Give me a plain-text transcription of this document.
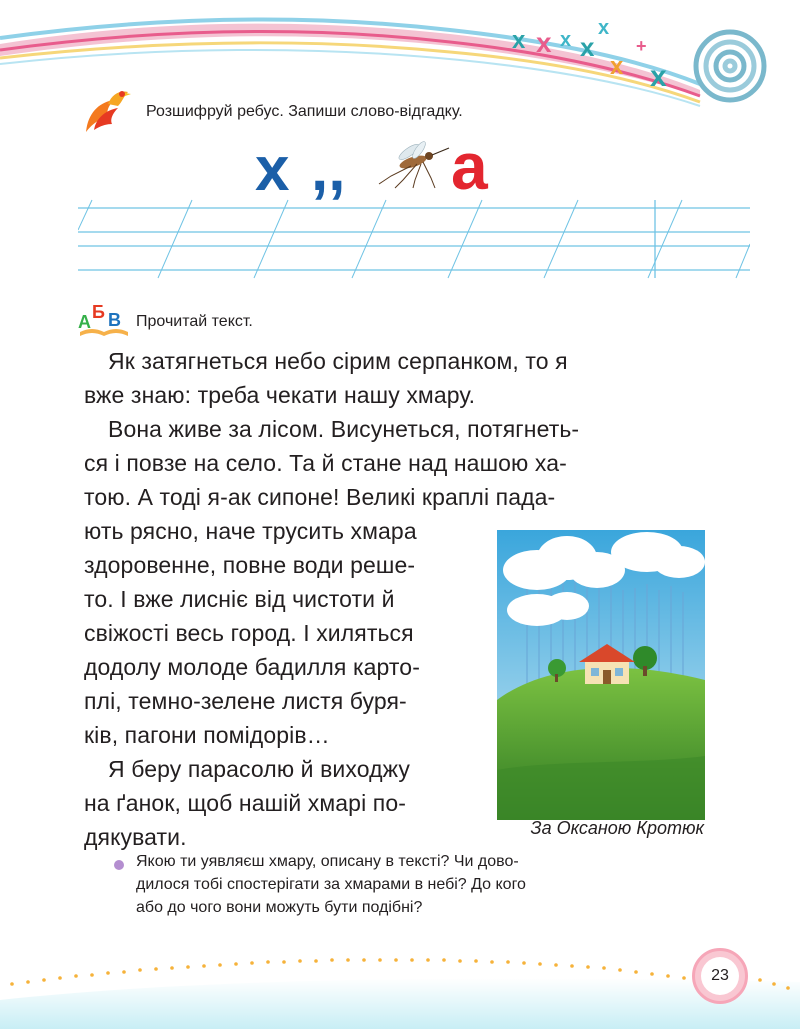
x x x x
x
x
+
x
Розшифруй ребус. Запиши слово-відгадку.
х ,, а
А Б В Прочитай текст.
Як затягнеться небо сірим серпанком, то я
вже знаю: треба чекати нашу хмару.
Вона живе за лісом. Висунеться, потягнеть-
ся і повзе на село. Та й стане над нашою ха-
тою. А тоді я-ак сипоне! Великі краплі пада-
ють рясно, наче трусить хмара
здоровенне, повне води реше-
то. І вже лиснiє від чистоти й
свіжості весь город. І хиляться
додолу молоде бадилля карто-
плі, темно-зелене листя буря-
ків, пагони помідорів…
Я беру парасолю й виходжу
на ґанок, щоб нашій хмарі по-
дякувати.	За Оксаною Кротюк
Якою ти уявляєш хмару, описану в тексті? Чи дово-
дилося тобі спостерігати за хмарами в небі? До кого
або до чого вони можуть бути подібні?
23
